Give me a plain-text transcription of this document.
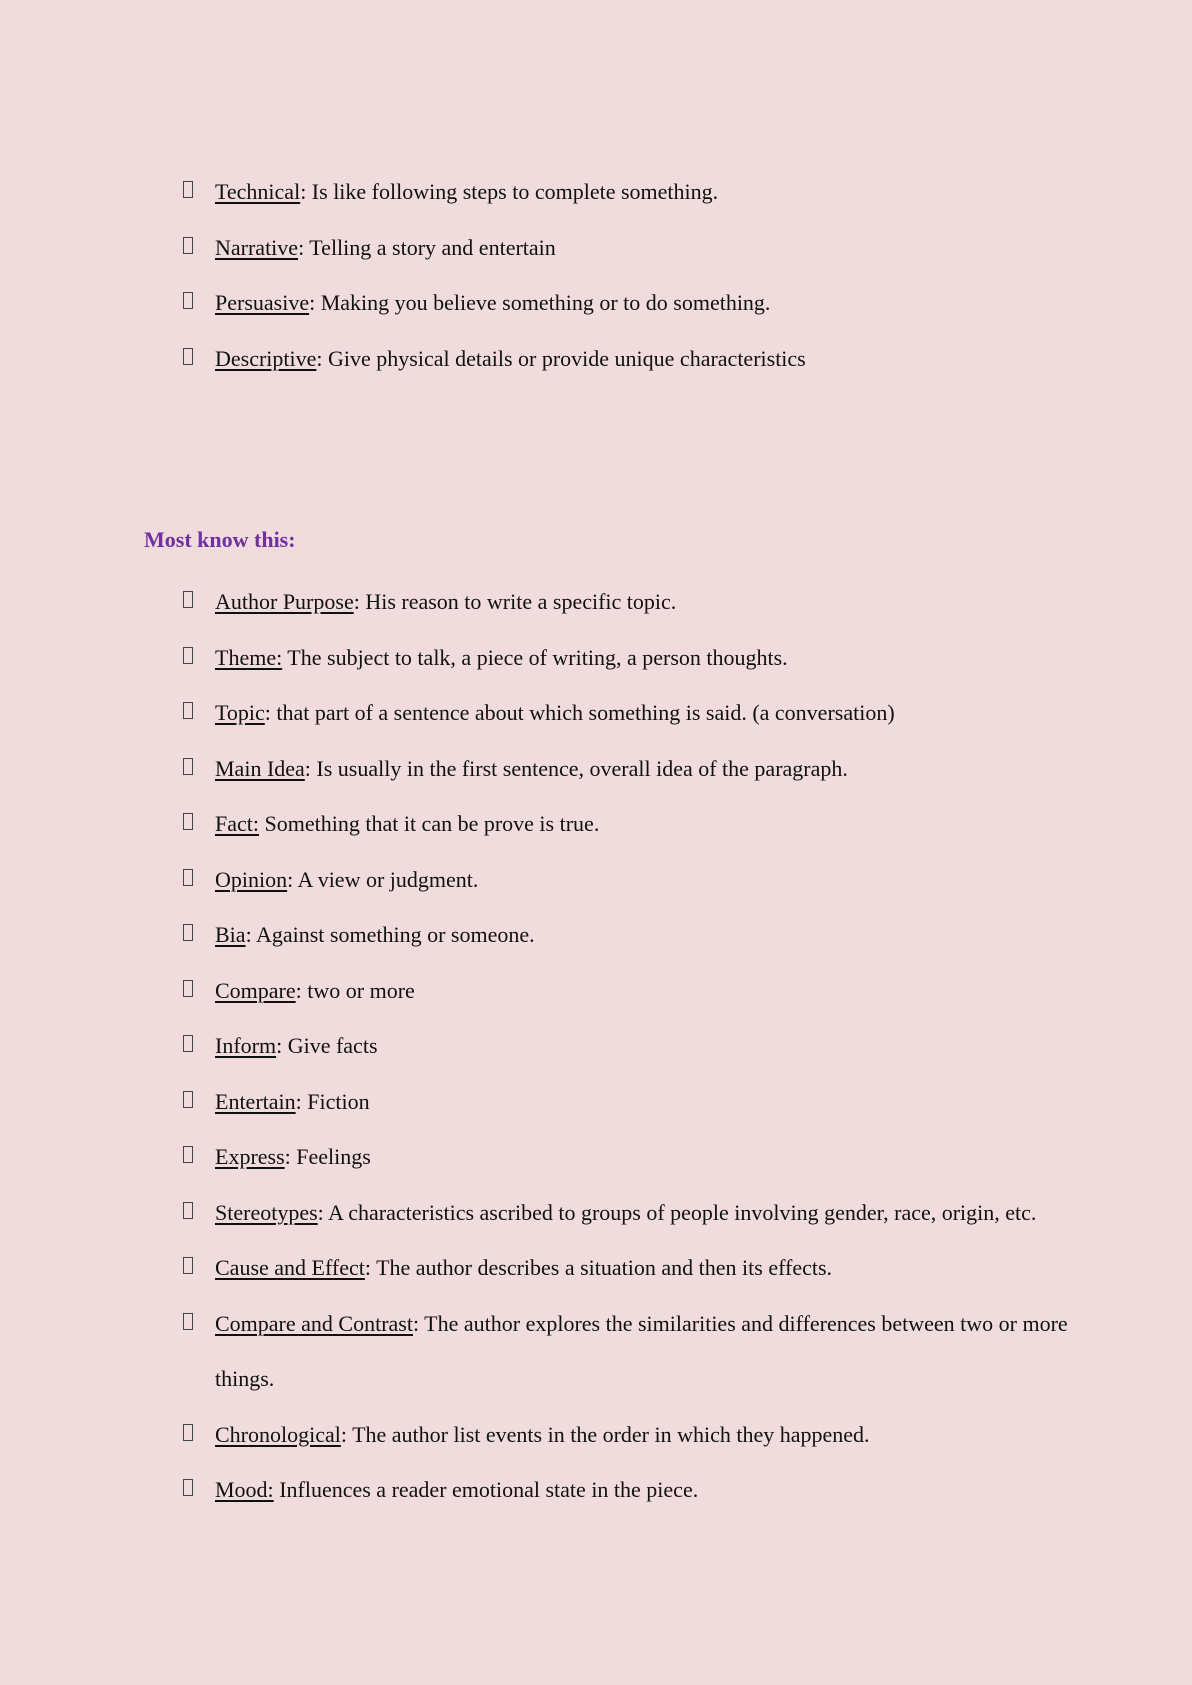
Technical: Is like following steps to complete something.
Narrative: Telling a story and entertain
Persuasive: Making you believe something or to do something.
Descriptive: Give physical details or provide unique characteristics
Most know this:
Author Purpose: His reason to write a specific topic.
Theme: The subject to talk, a piece of writing, a person thoughts.
Topic: that part of a sentence about which something is said. (a conversation)
Main Idea: Is usually in the first sentence, overall idea of the paragraph.
Fact: Something that it can be prove is true.
Opinion: A view or judgment.
Bia: Against something or someone.
Compare: two or more
Inform: Give facts
Entertain: Fiction
Express: Feelings
Stereotypes: A characteristics ascribed to groups of people involving gender, race, origin, etc.
Cause and Effect: The author describes a situation and then its effects.
Compare and Contrast: The author explores the similarities and differences between two or more things.
Chronological: The author list events in the order in which they happened.
Mood: Influences a reader emotional state in the piece.
